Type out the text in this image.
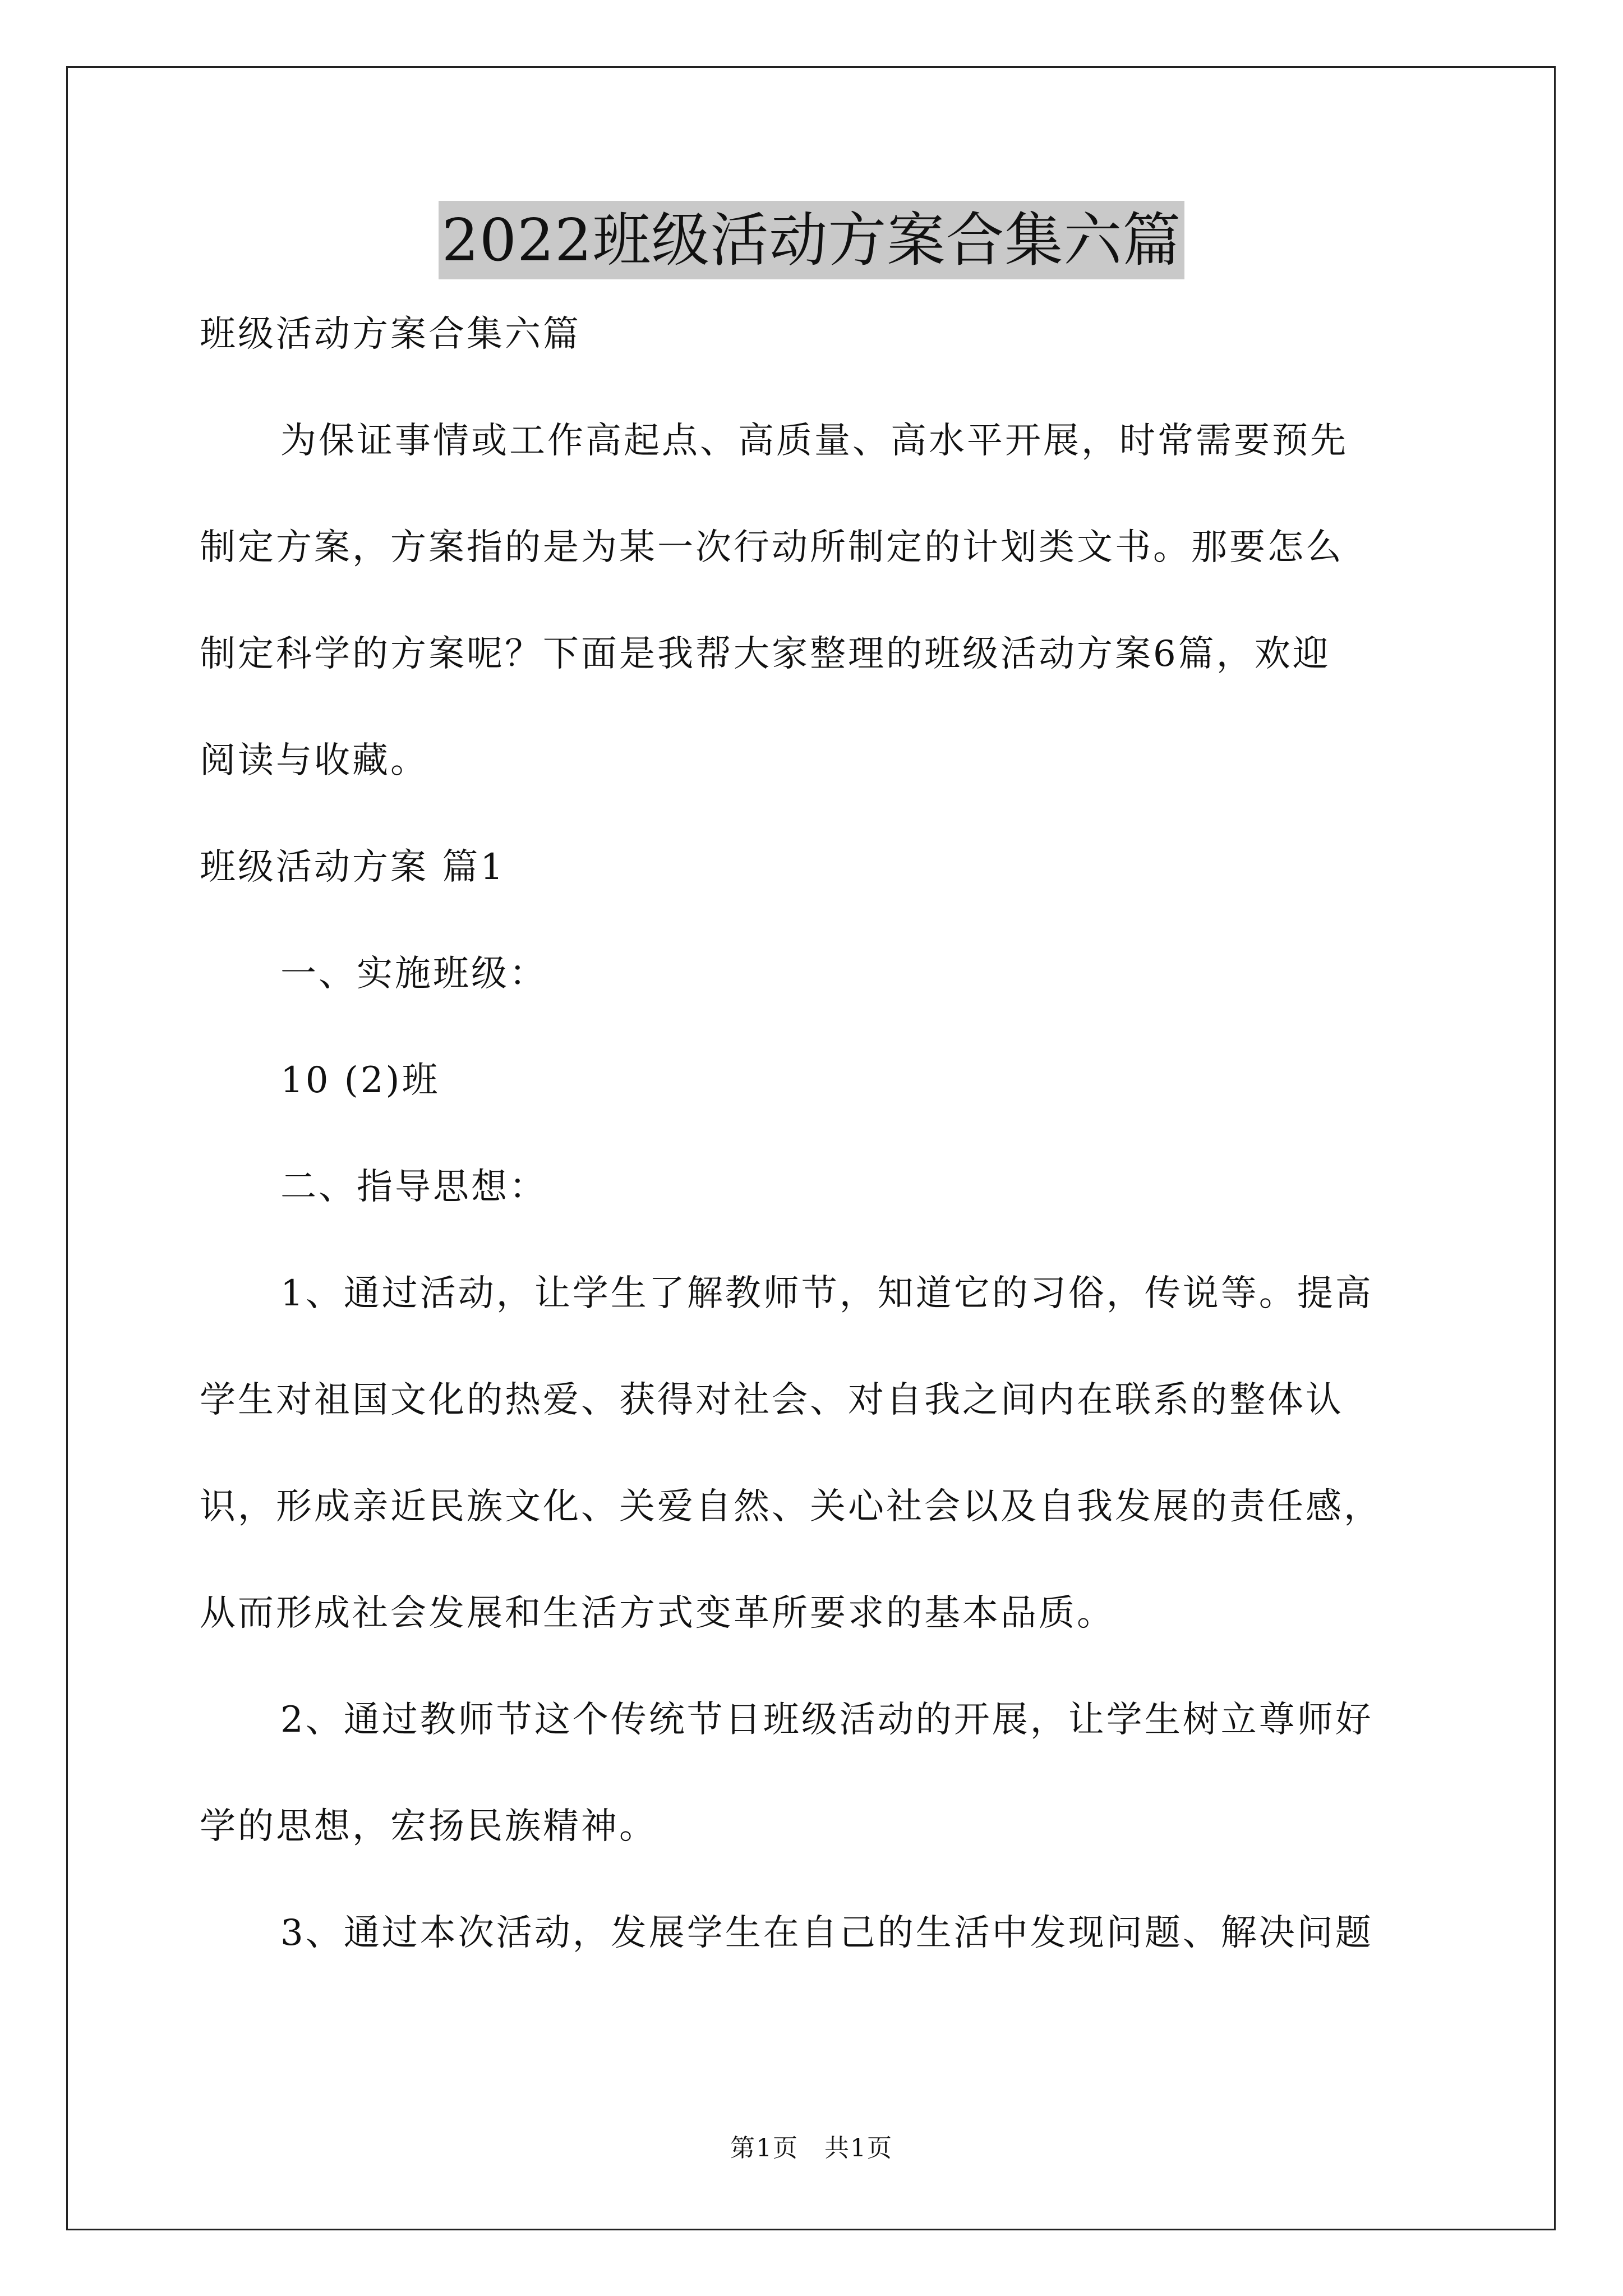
2022班级活动方案合集六篇
班级活动方案合集六篇
为保证事情或工作高起点、高质量、高水平开展，时常需要预先
制定方案，方案指的是为某一次行动所制定的计划类文书。那要怎么
制定科学的方案呢？下面是我帮大家整理的班级活动方案6篇，欢迎
阅读与收藏。
班级活动方案 篇1
一、实施班级：
10 (2)班
二、指导思想：
1、通过活动，让学生了解教师节，知道它的习俗，传说等。提高
学生对祖国文化的热爱、获得对社会、对自我之间内在联系的整体认
识，形成亲近民族文化、关爱自然、关心社会以及自我发展的责任感，
从而形成社会发展和生活方式变革所要求的基本品质。
2、通过教师节这个传统节日班级活动的开展，让学生树立尊师好
学的思想，宏扬民族精神。
3、通过本次活动，发展学生在自己的生活中发现问题、解决问题
第1页　共1页
